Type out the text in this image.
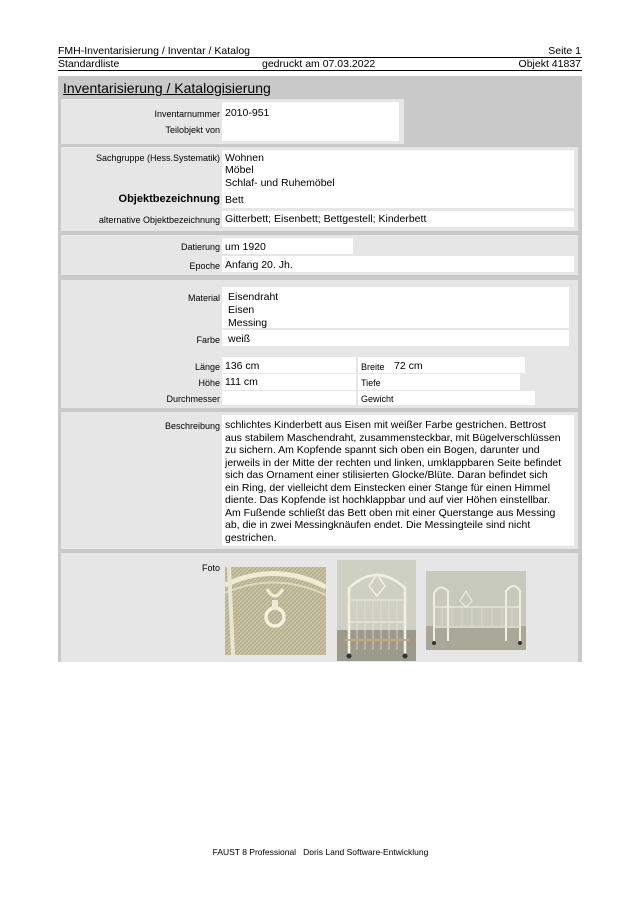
FMH-Inventarisierung / Inventar / Katalog
Standardliste	gedruckt am 07.03.2022
Seite 1
Objekt 41837
Inventarisierung / Katalogisierung
Inventarnummer 2010-951
Teilobjekt von
Sachgruppe (Hess.Systematik) Wohnen
Möbel
Schlaf- und Ruhemöbel
Objektbezeichnung Bett
alternative Objektbezeichnung Gitterbett; Eisenbett; Bettgestell; Kinderbett
Datierung um 1920
Epoche Anfang 20. Jh.
Material Eisendraht
Eisen
Messing
Farbe weiß
Länge 136 cm
Höhe 111 cm
Durchmesser
Breite 72 cm
Tiefe
Gewicht
Beschreibung schlichtes Kinderbett aus Eisen mit weißer Farbe gestrichen. Bettrost
aus stabilem Maschendraht, zusammensteckbar, mit Bügelverschlüssen
zu sichern. Am Kopfende spannt sich oben ein Bogen, darunter und
jerweils in der Mitte der rechten und linken, umklappbaren Seite befindet
sich das Ornament einer stilisierten Glocke/Blüte. Daran befindet sich
ein Ring, der vielleicht dem Einstecken einer Stange für einen Himmel
diente. Das Kopfende ist hochklappbar und auf vier Höhen einstellbar.
Am Fußende schließt das Bett oben mit einer Querstange aus Messing
ab, die in zwei Messingknäufen endet. Die Messingteile sind nicht
gestrichen.
Foto
FAUST 8 Professional Doris Land Software-Entwicklung
